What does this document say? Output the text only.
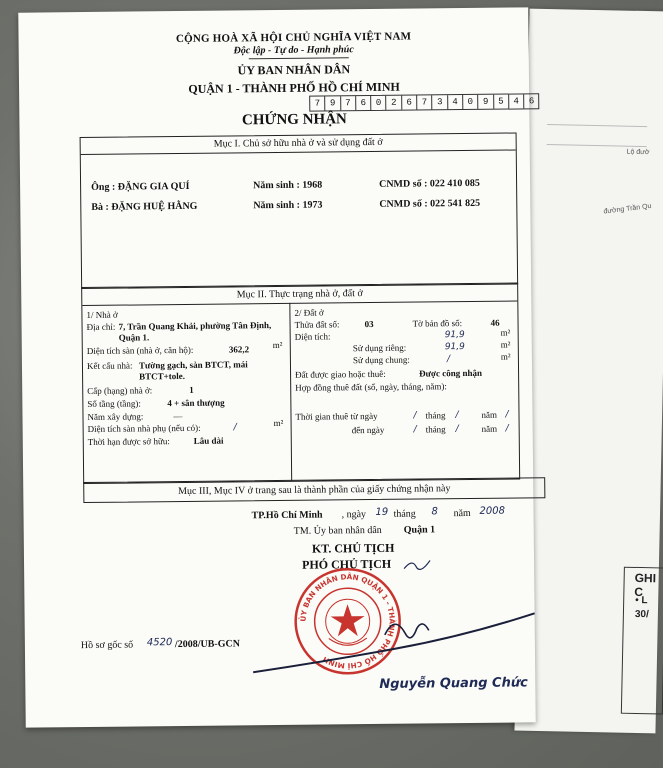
Lộ đườ
đường Trần Qu
GHI C
• L
30/
CỘNG HOÀ XÃ HỘI CHỦ NGHĨA VIỆT NAM
Độc lập - Tự do - Hạnh phúc
ỦY BAN NHÂN DÂN
QUẬN 1 - THÀNH PHỐ HỒ CHÍ MINH
7	9	7	6	0	2	6	7	3	4	0	9	5	4	6
CHỨNG NHẬN
Mục I. Chủ sở hữu nhà ở và sử dụng đất ở
Ông : ĐẶNG GIA QUÍ	Năm sinh : 1968	CNMD số : 022 410 085
Bà : ĐẶNG HUỆ HẰNG	Năm sinh : 1973	CNMD số : 022 541 825
Mục II. Thực trạng nhà ở, đất ở
1/ Nhà ở
Địa chỉ: 7, Trần Quang Khải, phường Tân Định,
Quận 1.
Diện tích sàn (nhà ở, căn hộ):	362,2	m²
Kết cấu nhà: Tường gạch, sàn BTCT, mái
BTCT+tole.
Cấp (hạng) nhà ở:	1
Số tầng (tầng):	4 + sân thượng
Năm xây dựng:	—
Diện tích sàn nhà phụ (nếu có):	/	m²
Thời hạn được sở hữu:	Lâu dài
2/ Đất ở
Thửa đất số:	03	Tờ bản đồ số:	46
Diện tích:	91,9	m²
Sử dụng riêng:	91,9	m²
Sử dụng chung:	/	m²
Đất được giao hoặc thuê:	Được công nhận
Hợp đồng thuê đất (số, ngày, tháng, năm):
Thời gian thuê từ ngày	/ tháng /	năm /
đến ngày	/ tháng /	năm /
Mục III, Mục IV ở trang sau là thành phần của giấy chứng nhận này
TP.Hồ Chí Minh , ngày 19 tháng 8 năm 2008
TM. Ủy ban nhân dân Quận 1
KT. CHỦ TỊCH
PHÓ CHỦ TỊCH
ỦY BAN NHÂN DÂN QUẬN 1 - THÀNH PHỐ HỒ CHÍ MINH
Hồ sơ gốc số 4520 /2008/UB-GCN
Nguyễn Quang Chức
